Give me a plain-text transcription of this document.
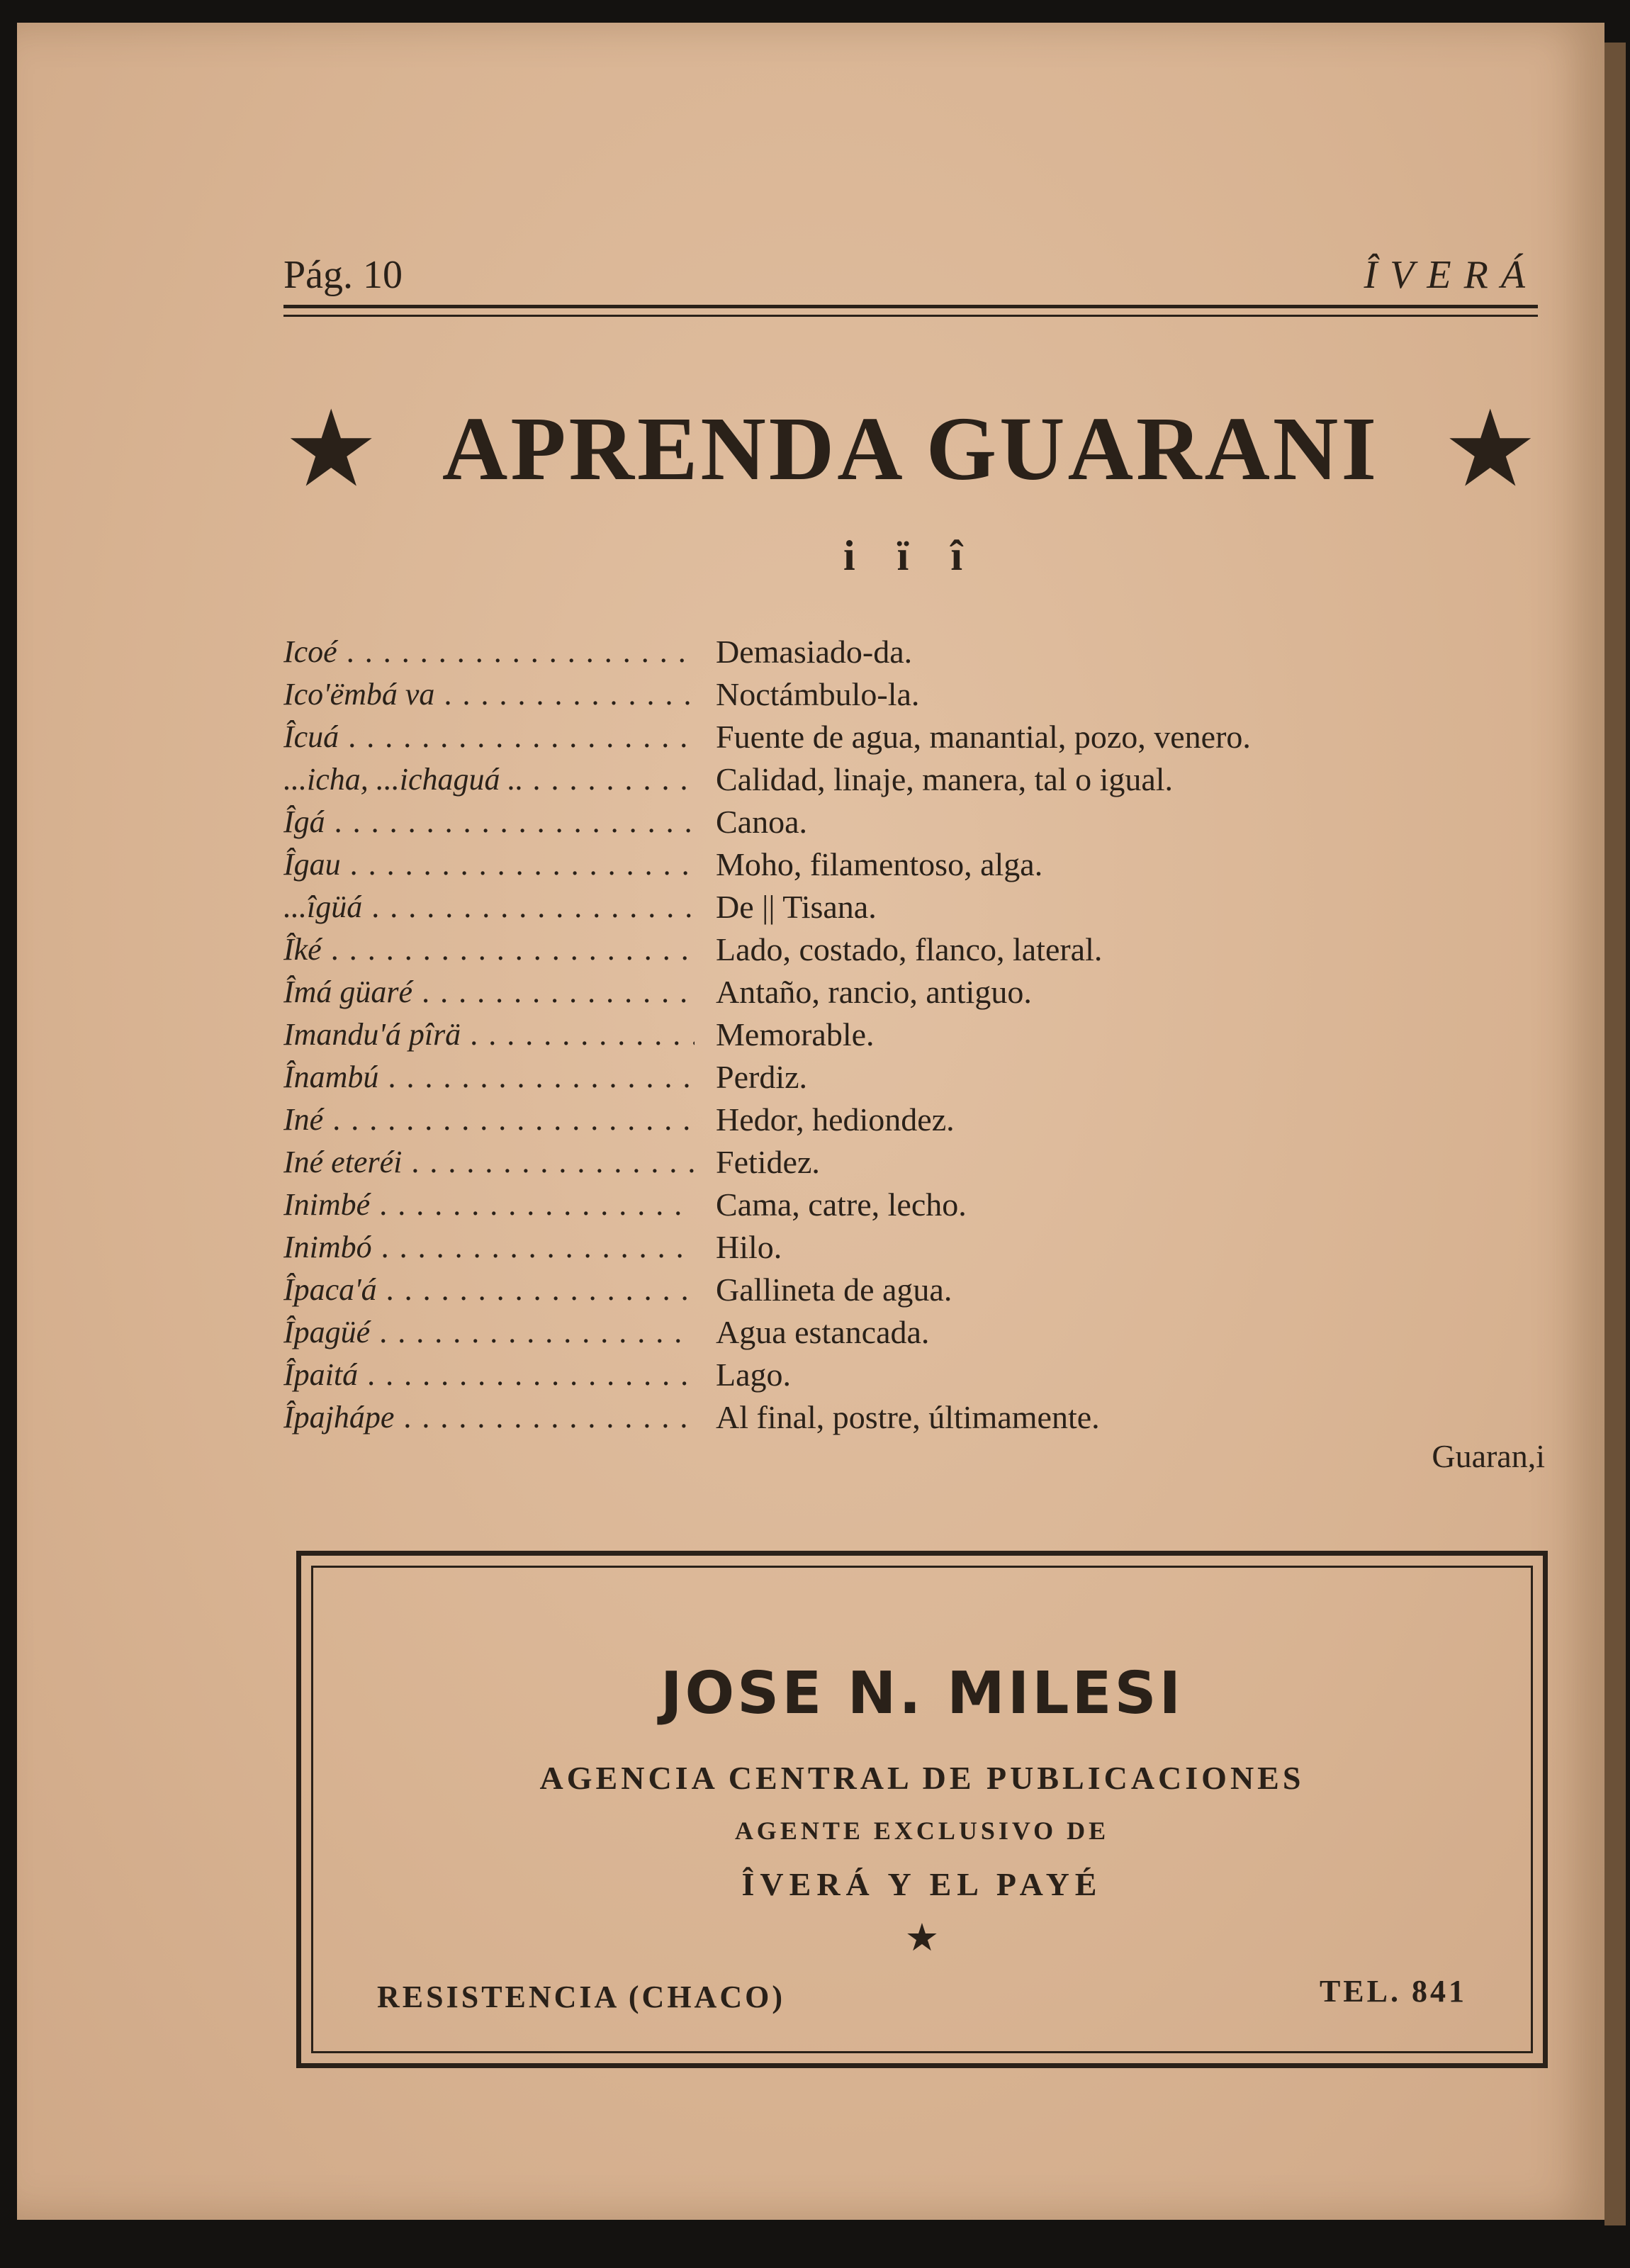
Pág. 10	ÎVERÁ
★ APRENDA GUARANI ★
i ï î
Icoé . . .	Demasiado-da.
Ico'ëmbá va . . .	Noctámbulo-la.
Îcuá . . .	Fuente de agua, manantial, pozo, venero.
...icha, ...ichaguá .. . . .	Calidad, linaje, manera, tal o igual.
Îgá . . .	Canoa.
Îgau . . .	Moho, filamentoso, alga.
...îgüá . . .	De || Tisana.
Îké . . .	Lado, costado, flanco, lateral.
Îmá güaré . . .	Antaño, rancio, antiguo.
Imandu'á pîrä . . .	Memorable.
Înambú . . .	Perdiz.
Iné . . .	Hedor, hediondez.
Iné eteréi . . .	Fetidez.
Inimbé . . .	Cama, catre, lecho.
Inimbó . . .	Hilo.
Îpaca'á . . .	Gallineta de agua.
Îpagüé . . .	Agua estancada.
Îpaitá . . .	Lago.
Îpajhápe . . .	Al final, postre, últimamente.
Guaran,i
JOSE N. MILESI
AGENCIA CENTRAL DE PUBLICACIONES
AGENTE EXCLUSIVO DE
ÎVERÁ Y EL PAYÉ
★
RESISTENCIA (CHACO)	TEL. 841
